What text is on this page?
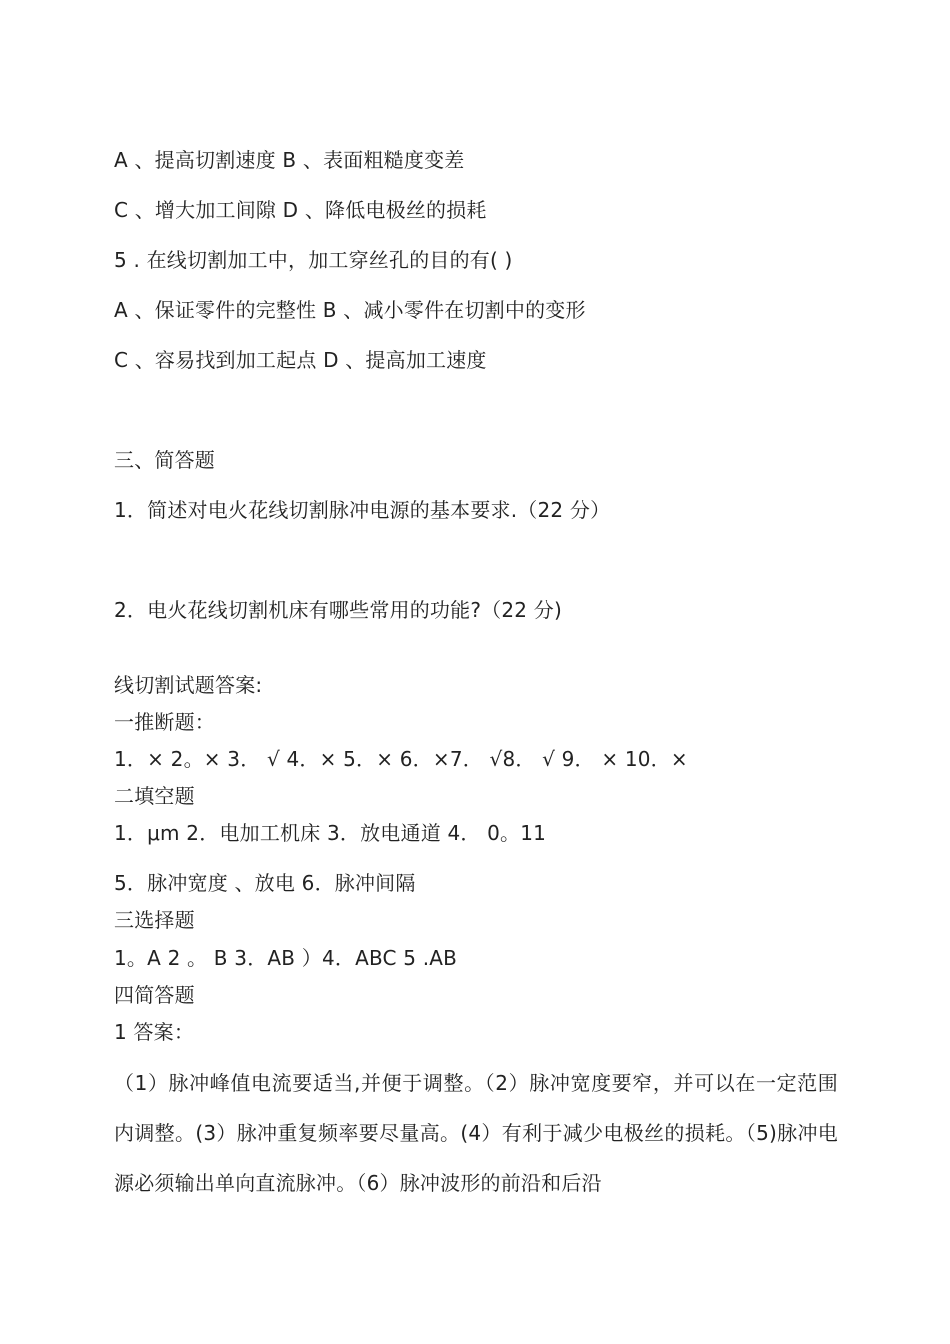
A 、提高切割速度 B 、表面粗糙度变差
C 、增大加工间隙 D 、降低电极丝的损耗
5 . 在线切割加工中，加工穿丝孔的目的有( )
A 、保证零件的完整性 B 、减小零件在切割中的变形
C 、容易找到加工起点 D 、提高加工速度
三、简答题
1．简述对电火花线切割脉冲电源的基本要求.（22 分）
2．电火花线切割机床有哪些常用的功能?（22 分)
线切割试题答案:
一推断题：
1．× 2。× 3． √ 4．× 5．× 6．×7． √8． √ 9． × 10．×
二填空题
1．μm 2．电加工机床 3．放电通道 4． 0。11
5．脉冲宽度 、放电 6．脉冲间隔
三选择题
1。A 2 。 B 3．AB ）4．ABC 5 .AB
四简答题
1 答案：
（1）脉冲峰值电流要适当,并便于调整。（2）脉冲宽度要窄，并可以在一定范围内调整。(3）脉冲重复频率要尽量高。(4）有利于减少电极丝的损耗。（5)脉冲电源必须输出单向直流脉冲。（6）脉冲波形的前沿和后沿
